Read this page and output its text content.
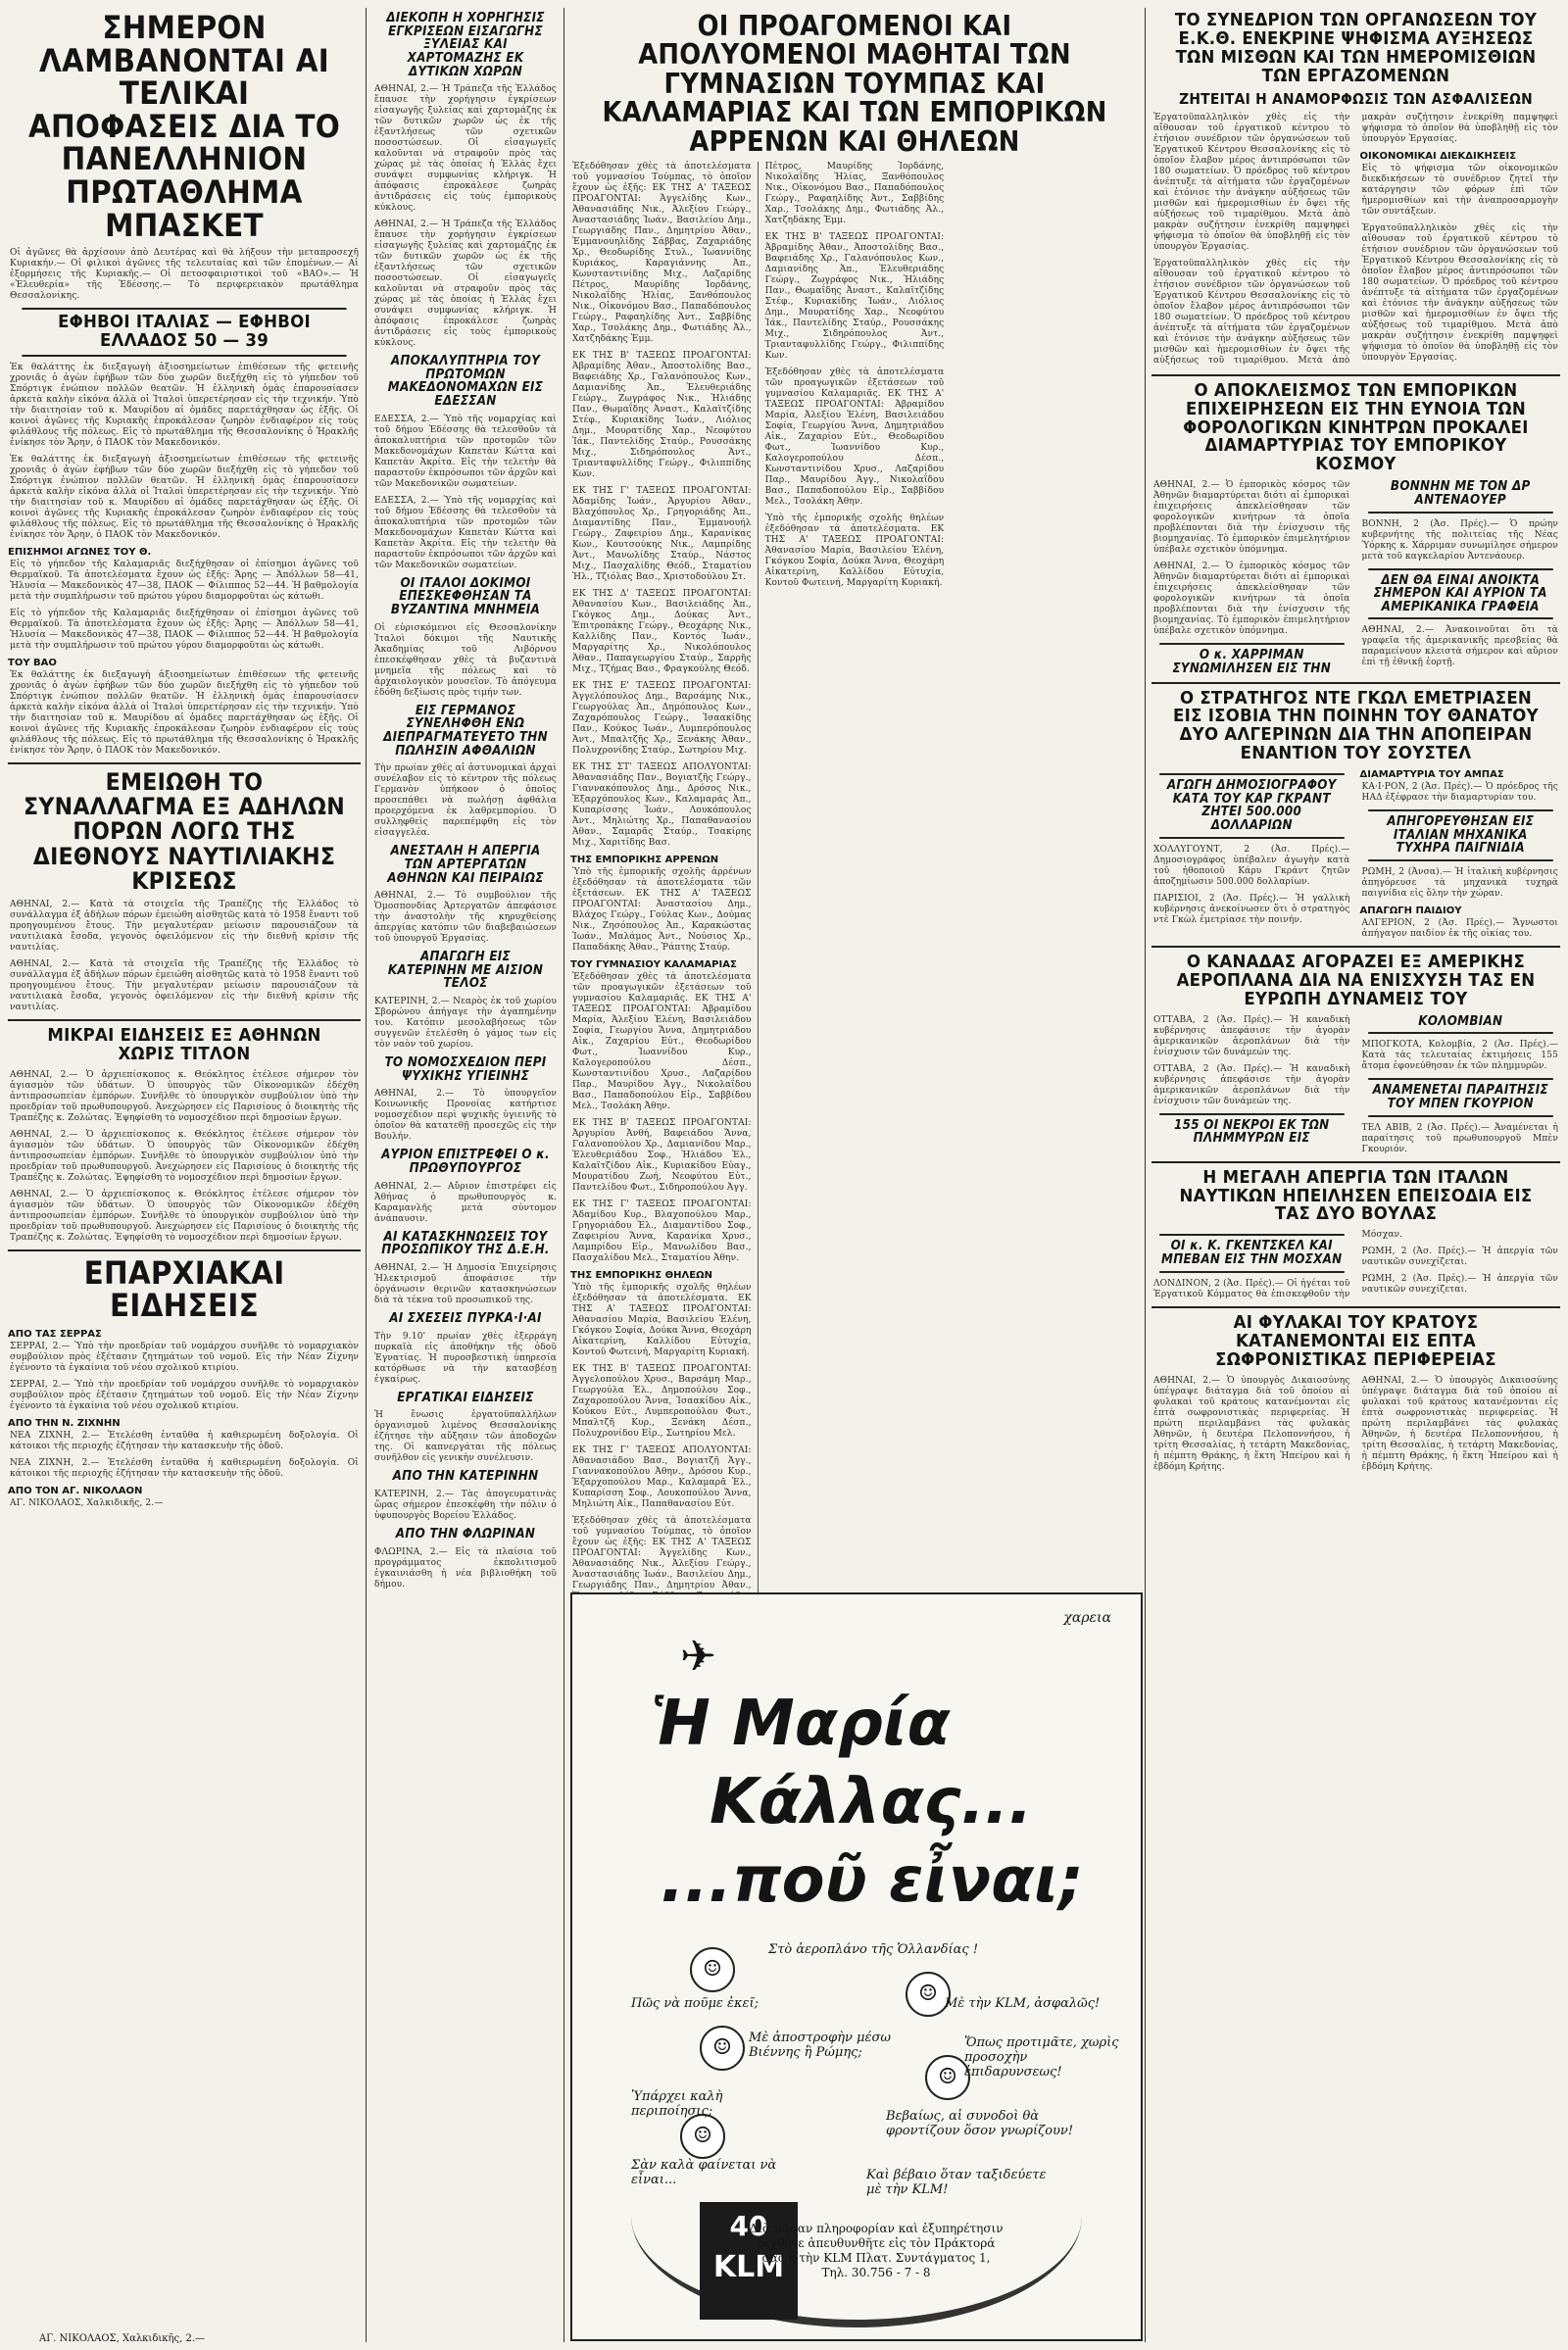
ΣΗΜΕΡΟΝ ΛΑΜΒΑΝΟΝΤΑΙ ΑΙ ΤΕΛΙΚΑΙ ΑΠΟΦΑΣΕΙΣ ΔΙΑ ΤΟ ΠΑΝΕΛΛΗΝΙΟΝ ΠΡΩΤΑΘΛΗΜΑ ΜΠΑΣΚΕΤ
Οἱ ἀγῶνες θὰ ἀρχίσουν ἀπὸ Δευτέρας καὶ θὰ λήξουν τὴν μεταπροσεχῆ Κυριακήν.— Οἱ φιλικοὶ ἀγῶνες τῆς τελευταίας καὶ τῶν ἑπομένων.— Αἱ ἐξορμήσεις τῆς Κυριακῆς.— Οἱ πετοσφαιριστικοὶ τοῦ «ΒΑΟ».— Ἡ «Ἐλευθερία» τῆς Ἐδέσσης.— Τὸ περιφερειακὸν πρωτάθλημα Θεσσαλονίκης.
ΕΦΗΒΟΙ ΙΤΑΛΙΑΣ — ΕΦΗΒΟΙ ΕΛΛΑΔΟΣ 50 — 39
Ἐκ θαλάττης ἐκ διεξαγωγὴ ἀξιοσημείωτων ἐπιθέσεων τῆς φετεινῆς χρονιᾶς ὁ ἀγὼν ἐφήβων τῶν δύο χωρῶν διεξήχθη εἰς τὸ γήπεδον τοῦ Σπόρτιγκ ἐνώπιον πολλῶν θεατῶν. Ἡ ἑλληνικὴ ὁμὰς ἐπαρουσίασεν ἀρκετὰ καλὴν εἰκόνα ἀλλὰ οἱ Ἰταλοὶ ὑπερετέρησαν εἰς τὴν τεχνικήν. Ὑπὸ τὴν διαιτησίαν τοῦ κ. Μαυρίδου αἱ ὁμάδες παρετάχθησαν ὡς ἑξῆς. Οἱ κοινοὶ ἀγῶνες τῆς Κυριακῆς ἐπροκάλεσαν ζωηρὸν ἐνδιαφέρον εἰς τοὺς φιλάθλους τῆς πόλεως. Εἰς τὸ πρωτάθλημα τῆς Θεσσαλονίκης ὁ Ἡρακλῆς ἐνίκησε τὸν Ἄρην, ὁ ΠΑΟΚ τὸν Μακεδονικόν.
Ἐκ θαλάττης ἐκ διεξαγωγὴ ἀξιοσημείωτων ἐπιθέσεων τῆς φετεινῆς χρονιᾶς ὁ ἀγὼν ἐφήβων τῶν δύο χωρῶν διεξήχθη εἰς τὸ γήπεδον τοῦ Σπόρτιγκ ἐνώπιον πολλῶν θεατῶν. Ἡ ἑλληνικὴ ὁμὰς ἐπαρουσίασεν ἀρκετὰ καλὴν εἰκόνα ἀλλὰ οἱ Ἰταλοὶ ὑπερετέρησαν εἰς τὴν τεχνικήν. Ὑπὸ τὴν διαιτησίαν τοῦ κ. Μαυρίδου αἱ ὁμάδες παρετάχθησαν ὡς ἑξῆς. Οἱ κοινοὶ ἀγῶνες τῆς Κυριακῆς ἐπροκάλεσαν ζωηρὸν ἐνδιαφέρον εἰς τοὺς φιλάθλους τῆς πόλεως. Εἰς τὸ πρωτάθλημα τῆς Θεσσαλονίκης ὁ Ἡρακλῆς ἐνίκησε τὸν Ἄρην, ὁ ΠΑΟΚ τὸν Μακεδονικόν.
ΕΠΙΣΗΜΟΙ ΑΓΩΝΕΣ ΤΟΥ Θ.
Εἰς τὸ γήπεδον τῆς Καλαμαριᾶς διεξήχθησαν οἱ ἐπίσημοι ἀγῶνες τοῦ Θερμαϊκοῦ. Τὰ ἀποτελέσματα ἔχουν ὡς ἑξῆς: Ἄρης — Ἀπόλλων 58—41, Ἠλυσία — Μακεδονικὸς 47—38, ΠΑΟΚ — Φίλιππος 52—44. Ἡ βαθμολογία μετὰ τὴν συμπλήρωσιν τοῦ πρώτου γύρου διαμορφοῦται ὡς κάτωθι.
Εἰς τὸ γήπεδον τῆς Καλαμαριᾶς διεξήχθησαν οἱ ἐπίσημοι ἀγῶνες τοῦ Θερμαϊκοῦ. Τὰ ἀποτελέσματα ἔχουν ὡς ἑξῆς: Ἄρης — Ἀπόλλων 58—41, Ἠλυσία — Μακεδονικὸς 47—38, ΠΑΟΚ — Φίλιππος 52—44. Ἡ βαθμολογία μετὰ τὴν συμπλήρωσιν τοῦ πρώτου γύρου διαμορφοῦται ὡς κάτωθι.
ΤΟΥ ΒΑΟ
Ἐκ θαλάττης ἐκ διεξαγωγὴ ἀξιοσημείωτων ἐπιθέσεων τῆς φετεινῆς χρονιᾶς ὁ ἀγὼν ἐφήβων τῶν δύο χωρῶν διεξήχθη εἰς τὸ γήπεδον τοῦ Σπόρτιγκ ἐνώπιον πολλῶν θεατῶν. Ἡ ἑλληνικὴ ὁμὰς ἐπαρουσίασεν ἀρκετὰ καλὴν εἰκόνα ἀλλὰ οἱ Ἰταλοὶ ὑπερετέρησαν εἰς τὴν τεχνικήν. Ὑπὸ τὴν διαιτησίαν τοῦ κ. Μαυρίδου αἱ ὁμάδες παρετάχθησαν ὡς ἑξῆς. Οἱ κοινοὶ ἀγῶνες τῆς Κυριακῆς ἐπροκάλεσαν ζωηρὸν ἐνδιαφέρον εἰς τοὺς φιλάθλους τῆς πόλεως. Εἰς τὸ πρωτάθλημα τῆς Θεσσαλονίκης ὁ Ἡρακλῆς ἐνίκησε τὸν Ἄρην, ὁ ΠΑΟΚ τὸν Μακεδονικόν.
ΕΜΕΙΩΘΗ ΤΟ ΣΥΝΑΛΛΑΓΜΑ ΕΞ ΑΔΗΛΩΝ ΠΟΡΩΝ ΛΟΓΩ ΤΗΣ ΔΙΕΘΝΟΥΣ ΝΑΥΤΙΛΙΑΚΗΣ ΚΡΙΣΕΩΣ
ΑΘΗΝΑΙ, 2.— Κατὰ τὰ στοιχεῖα τῆς Τραπέζης τῆς Ἑλλάδος τὸ συνάλλαγμα ἐξ ἀδήλων πόρων ἐμειώθη αἰσθητῶς κατὰ τὸ 1958 ἔναντι τοῦ προηγουμένου ἔτους. Τὴν μεγαλυτέραν μείωσιν παρουσιάζουν τὰ ναυτιλιακὰ ἔσοδα, γεγονὸς ὀφειλόμενον εἰς τὴν διεθνῆ κρίσιν τῆς ναυτιλίας.
ΑΘΗΝΑΙ, 2.— Κατὰ τὰ στοιχεῖα τῆς Τραπέζης τῆς Ἑλλάδος τὸ συνάλλαγμα ἐξ ἀδήλων πόρων ἐμειώθη αἰσθητῶς κατὰ τὸ 1958 ἔναντι τοῦ προηγουμένου ἔτους. Τὴν μεγαλυτέραν μείωσιν παρουσιάζουν τὰ ναυτιλιακὰ ἔσοδα, γεγονὸς ὀφειλόμενον εἰς τὴν διεθνῆ κρίσιν τῆς ναυτιλίας.
ΜΙΚΡΑΙ ΕΙΔΗΣΕΙΣ ΕΞ ΑΘΗΝΩΝ ΧΩΡΙΣ ΤΙΤΛΟΝ
ΑΘΗΝΑΙ, 2.— Ὁ ἀρχιεπίσκοπος κ. Θεόκλητος ἐτέλεσε σήμερον τὸν ἁγιασμὸν τῶν ὑδάτων. Ὁ ὑπουργὸς τῶν Οἰκονομικῶν ἐδέχθη ἀντιπροσωπείαν ἐμπόρων. Συνῆλθε τὸ ὑπουργικὸν συμβούλιον ὑπὸ τὴν προεδρίαν τοῦ πρωθυπουργοῦ. Ἀνεχώρησεν εἰς Παρισίους ὁ διοικητὴς τῆς Τραπέζης κ. Ζολώτας. Ἐψηφίσθη τὸ νομοσχέδιον περὶ δημοσίων ἔργων.
ΑΘΗΝΑΙ, 2.— Ὁ ἀρχιεπίσκοπος κ. Θεόκλητος ἐτέλεσε σήμερον τὸν ἁγιασμὸν τῶν ὑδάτων. Ὁ ὑπουργὸς τῶν Οἰκονομικῶν ἐδέχθη ἀντιπροσωπείαν ἐμπόρων. Συνῆλθε τὸ ὑπουργικὸν συμβούλιον ὑπὸ τὴν προεδρίαν τοῦ πρωθυπουργοῦ. Ἀνεχώρησεν εἰς Παρισίους ὁ διοικητὴς τῆς Τραπέζης κ. Ζολώτας. Ἐψηφίσθη τὸ νομοσχέδιον περὶ δημοσίων ἔργων.
ΑΘΗΝΑΙ, 2.— Ὁ ἀρχιεπίσκοπος κ. Θεόκλητος ἐτέλεσε σήμερον τὸν ἁγιασμὸν τῶν ὑδάτων. Ὁ ὑπουργὸς τῶν Οἰκονομικῶν ἐδέχθη ἀντιπροσωπείαν ἐμπόρων. Συνῆλθε τὸ ὑπουργικὸν συμβούλιον ὑπὸ τὴν προεδρίαν τοῦ πρωθυπουργοῦ. Ἀνεχώρησεν εἰς Παρισίους ὁ διοικητὴς τῆς Τραπέζης κ. Ζολώτας. Ἐψηφίσθη τὸ νομοσχέδιον περὶ δημοσίων ἔργων.
ΕΠΑΡΧΙΑΚΑΙ ΕΙΔΗΣΕΙΣ
ΑΠΟ ΤΑΣ ΣΕΡΡΑΣ
ΣΕΡΡΑΙ, 2.— Ὑπὸ τὴν προεδρίαν τοῦ νομάρχου συνῆλθε τὸ νομαρχιακὸν συμβούλιον πρὸς ἐξέτασιν ζητημάτων τοῦ νομοῦ. Εἰς τὴν Νέαν Ζίχνην ἐγένοντο τὰ ἐγκαίνια τοῦ νέου σχολικοῦ κτιρίου.
ΣΕΡΡΑΙ, 2.— Ὑπὸ τὴν προεδρίαν τοῦ νομάρχου συνῆλθε τὸ νομαρχιακὸν συμβούλιον πρὸς ἐξέτασιν ζητημάτων τοῦ νομοῦ. Εἰς τὴν Νέαν Ζίχνην ἐγένοντο τὰ ἐγκαίνια τοῦ νέου σχολικοῦ κτιρίου.
ΑΠΟ ΤΗΝ Ν. ΖΙΧΝΗΝ
ΝΕΑ ΖΙΧΝΗ, 2.— Ἐτελέσθη ἐνταῦθα ἡ καθιερωμένη δοξολογία. Οἱ κάτοικοι τῆς περιοχῆς ἐζήτησαν τὴν κατασκευὴν τῆς ὁδοῦ.
ΝΕΑ ΖΙΧΝΗ, 2.— Ἐτελέσθη ἐνταῦθα ἡ καθιερωμένη δοξολογία. Οἱ κάτοικοι τῆς περιοχῆς ἐζήτησαν τὴν κατασκευὴν τῆς ὁδοῦ.
ΑΠΟ ΤΟΝ ΑΓ. ΝΙΚΟΛΑΟΝ
ΑΓ. ΝΙΚΟΛΑΟΣ, Χαλκιδικῆς, 2.—
ΔΙΕΚΟΠΗ Η ΧΟΡΗΓΗΣΙΣ ΕΓΚΡΙΣΕΩΝ ΕΙΣΑΓΩΓΗΣ ΞΥΛΕΙΑΣ ΚΑΙ ΧΑΡΤΟΜΑΖΗΣ ΕΚ ΔΥΤΙΚΩΝ ΧΩΡΩΝ
ΑΘΗΝΑΙ, 2.— Ἡ Τράπεζα τῆς Ἑλλάδος ἔπαυσε τὴν χορήγησιν ἐγκρίσεων εἰσαγωγῆς ξυλείας καὶ χαρτομάζης ἐκ τῶν δυτικῶν χωρῶν ὡς ἐκ τῆς ἐξαντλήσεως τῶν σχετικῶν ποσοστώσεων. Οἱ εἰσαγωγεῖς καλοῦνται νὰ στραφοῦν πρὸς τὰς χώρας μὲ τὰς ὁποίας ἡ Ἑλλὰς ἔχει συνάψει συμφωνίας κλήριγκ. Ἡ ἀπόφασις ἐπροκάλεσε ζωηρὰς ἀντιδράσεις εἰς τοὺς ἐμπορικοὺς κύκλους.
ΑΘΗΝΑΙ, 2.— Ἡ Τράπεζα τῆς Ἑλλάδος ἔπαυσε τὴν χορήγησιν ἐγκρίσεων εἰσαγωγῆς ξυλείας καὶ χαρτομάζης ἐκ τῶν δυτικῶν χωρῶν ὡς ἐκ τῆς ἐξαντλήσεως τῶν σχετικῶν ποσοστώσεων. Οἱ εἰσαγωγεῖς καλοῦνται νὰ στραφοῦν πρὸς τὰς χώρας μὲ τὰς ὁποίας ἡ Ἑλλὰς ἔχει συνάψει συμφωνίας κλήριγκ. Ἡ ἀπόφασις ἐπροκάλεσε ζωηρὰς ἀντιδράσεις εἰς τοὺς ἐμπορικοὺς κύκλους.
ΑΠΟΚΑΛΥΠΤΗΡΙΑ ΤΟΥ ΠΡΩΤΟΜΩΝ ΜΑΚΕΔΟΝΟΜΑΧΩΝ ΕΙΣ ΕΔΕΣΣΑΝ
ΕΔΕΣΣΑ, 2.— Ὑπὸ τῆς νομαρχίας καὶ τοῦ δήμου Ἐδέσσης θὰ τελεσθοῦν τὰ ἀποκαλυπτήρια τῶν προτομῶν τῶν Μακεδονομάχων Καπετὰν Κώττα καὶ Καπετὰν Ἀκρίτα. Εἰς τὴν τελετὴν θὰ παραστοῦν ἐκπρόσωποι τῶν ἀρχῶν καὶ τῶν Μακεδονικῶν σωματείων.
ΕΔΕΣΣΑ, 2.— Ὑπὸ τῆς νομαρχίας καὶ τοῦ δήμου Ἐδέσσης θὰ τελεσθοῦν τὰ ἀποκαλυπτήρια τῶν προτομῶν τῶν Μακεδονομάχων Καπετὰν Κώττα καὶ Καπετὰν Ἀκρίτα. Εἰς τὴν τελετὴν θὰ παραστοῦν ἐκπρόσωποι τῶν ἀρχῶν καὶ τῶν Μακεδονικῶν σωματείων.
ΟΙ ΙΤΑΛΟΙ ΔΟΚΙΜΟΙ ΕΠΕΣΚΕΦΘΗΣΑΝ ΤΑ ΒΥΖΑΝΤΙΝΑ ΜΝΗΜΕΙΑ
Οἱ εὑρισκόμενοι εἰς Θεσσαλονίκην Ἰταλοὶ δόκιμοι τῆς Ναυτικῆς Ἀκαδημίας τοῦ Λιβόρνου ἐπεσκέφθησαν χθὲς τὰ βυζαντινὰ μνημεῖα τῆς πόλεως καὶ τὸ ἀρχαιολογικὸν μουσεῖον. Τὸ ἀπόγευμα ἐδόθη δεξίωσις πρὸς τιμήν των.
ΕΙΣ ΓΕΡΜΑΝΟΣ ΣΥΝΕΛΗΦΘΗ ΕΝΩ ΔΙΕΠΡΑΓΜΑΤΕΥΕΤΟ ΤΗΝ ΠΩΛΗΣΙΝ ΑΦΘΑΛΙΩΝ
Τὴν πρωίαν χθὲς αἱ ἀστυνομικαὶ ἀρχαὶ συνέλαβον εἰς τὸ κέντρον τῆς πόλεως Γερμανὸν ὑπήκοον ὁ ὁποῖος προσεπάθει νὰ πωλήσῃ ἀφθάλια προερχόμενα ἐκ λαθρεμπορίου. Ὁ συλληφθεὶς παρεπέμφθη εἰς τὸν εἰσαγγελέα.
ΑΝΕΣΤΑΛΗ Η ΑΠΕΡΓΙΑ ΤΩΝ ΑΡΤΕΡΓΑΤΩΝ ΑΘΗΝΩΝ ΚΑΙ ΠΕΙΡΑΙΩΣ
ΑΘΗΝΑΙ, 2.— Τὸ συμβούλιον τῆς Ὁμοσπονδίας Ἀρτεργατῶν ἀπεφάσισε τὴν ἀναστολὴν τῆς κηρυχθείσης ἀπεργίας κατόπιν τῶν διαβεβαιώσεων τοῦ ὑπουργοῦ Ἐργασίας.
ΑΠΑΓΩΓΗ ΕΙΣ ΚΑΤΕΡΙΝΗΝ ΜΕ ΑΙΣΙΟΝ ΤΕΛΟΣ
ΚΑΤΕΡΙΝΗ, 2.— Νεαρὸς ἐκ τοῦ χωρίου Σβορώνου ἀπήγαγε τὴν ἀγαπημένην του. Κατόπιν μεσολαβήσεως τῶν συγγενῶν ἐτελέσθη ὁ γάμος των εἰς τὸν ναὸν τοῦ χωρίου.
ΤΟ ΝΟΜΟΣΧΕΔΙΟΝ ΠΕΡΙ ΨΥΧΙΚΗΣ ΥΓΙΕΙΝΗΣ
ΑΘΗΝΑΙ, 2.— Τὸ ὑπουργεῖον Κοινωνικῆς Προνοίας κατήρτισε νομοσχέδιον περὶ ψυχικῆς ὑγιεινῆς τὸ ὁποῖον θὰ κατατεθῇ προσεχῶς εἰς τὴν Βουλήν.
ΑΥΡΙΟΝ ΕΠΙΣΤΡΕΦΕΙ Ο κ. ΠΡΩΘΥΠΟΥΡΓΟΣ
ΑΘΗΝΑΙ, 2.— Αὔριον ἐπιστρέφει εἰς Ἀθήνας ὁ πρωθυπουργὸς κ. Καραμανλῆς μετὰ σύντομον ἀνάπαυσιν.
ΑΙ ΚΑΤΑΣΚΗΝΩΣΕΙΣ ΤΟΥ ΠΡΟΣΩΠΙΚΟΥ ΤΗΣ Δ.Ε.Η.
ΑΘΗΝΑΙ, 2.— Ἡ Δημοσία Ἐπιχείρησις Ἠλεκτρισμοῦ ἀποφάσισε τὴν ὀργάνωσιν θερινῶν κατασκηνώσεων διὰ τὰ τέκνα τοῦ προσωπικοῦ της.
ΑΙ ΣΧΕΣΕΙΣ ΠΥΡΚΑ·Ι·ΑΙ
Τὴν 9.10' πρωίαν χθὲς ἐξερράγη πυρκαϊὰ εἰς ἀποθήκην τῆς ὁδοῦ Ἐγνατίας. Ἡ πυροσβεστικὴ ὑπηρεσία κατόρθωσε νὰ τὴν κατασβέσῃ ἐγκαίρως.
ΕΡΓΑΤΙΚΑΙ ΕΙΔΗΣΕΙΣ
Ἡ ἔνωσις ἐργατοϋπαλλήλων ὀργανισμοῦ λιμένος Θεσσαλονίκης ἐζήτησε τὴν αὔξησιν τῶν ἀποδοχῶν της. Οἱ καπνεργάται τῆς πόλεως συνῆλθον εἰς γενικὴν συνέλευσιν.
ΑΠΟ ΤΗΝ ΚΑΤΕΡΙΝΗΝ
ΚΑΤΕΡΙΝΗ, 2.— Τὰς ἀπογευματινὰς ὥρας σήμερον ἐπεσκέφθη τὴν πόλιν ὁ ὑφυπουργὸς Βορείου Ἑλλάδος.
ΑΠΟ ΤΗΝ ΦΛΩΡΙΝΑΝ
ΦΛΩΡΙΝΑ, 2.— Εἰς τὰ πλαίσια τοῦ προγράμματος ἐκπολιτισμοῦ ἐγκαινιάσθη ἡ νέα βιβλιοθήκη τοῦ δήμου.
ΟΙ ΠΡΟΑΓΟΜΕΝΟΙ ΚΑΙ ΑΠΟΛΥΟΜΕΝΟΙ ΜΑΘΗΤΑΙ ΤΩΝ ΓΥΜΝΑΣΙΩΝ ΤΟΥΜΠΑΣ ΚΑΙ ΚΑΛΑΜΑΡΙΑΣ ΚΑΙ ΤΩΝ ΕΜΠΟΡΙΚΩΝ ΑΡΡΕΝΩΝ ΚΑΙ ΘΗΛΕΩΝ
Ἐξεδόθησαν χθὲς τὰ ἀποτελέσματα τοῦ γυμνασίου Τούμπας, τὸ ὁποῖον ἔχουν ὡς ἑξῆς: ΕΚ ΤΗΣ Α' ΤΑΞΕΩΣ ΠΡΟΑΓΟΝΤΑΙ: Ἀγγελίδης Κων., Ἀθανασιάδης Νικ., Ἀλεξίου Γεώργ., Ἀναστασιάδης Ἰωάν., Βασιλείου Δημ., Γεωργιάδης Παν., Δημητρίου Ἀθαν., Ἐμμανουηλίδης Σάββας, Ζαχαριάδης Χρ., Θεοδωρίδης Στυλ., Ἰωαννίδης Κυριάκος, Καραγιάννης Ἀπ., Κωνσταντινίδης Μιχ., Λαζαρίδης Πέτρος, Μαυρίδης Ἰορδάνης, Νικολαΐδης Ἠλίας, Ξανθόπουλος Νικ., Οἰκονόμου Βασ., Παπαδόπουλος Γεώργ., Ραφαηλίδης Ἀντ., Σαββίδης Χαρ., Τσολάκης Δημ., Φωτιάδης Ἀλ., Χατζηδάκης Ἐμμ.
ΕΚ ΤΗΣ Β' ΤΑΞΕΩΣ ΠΡΟΑΓΟΝΤΑΙ: Ἀβραμίδης Ἀθαν., Ἀποστολίδης Βασ., Βαφειάδης Χρ., Γαλανόπουλος Κων., Δαμιανίδης Ἀπ., Ἐλευθεριάδης Γεώργ., Ζωγράφος Νικ., Ἠλιάδης Παν., Θωμαΐδης Ἀναστ., Καλαϊτζίδης Στέφ., Κυριακίδης Ἰωάν., Λιόλιος Δημ., Μουρατίδης Χαρ., Νεοφύτου Ἰάκ., Παντελίδης Σταύρ., Ρουσσάκης Μιχ., Σιδηρόπουλος Ἀντ., Τριανταφυλλίδης Γεώργ., Φιλιππίδης Κων.
ΕΚ ΤΗΣ Γ' ΤΑΞΕΩΣ ΠΡΟΑΓΟΝΤΑΙ: Ἀδαμίδης Ἰωάν., Ἀργυρίου Ἀθαν., Βλαχόπουλος Χρ., Γρηγοριάδης Ἀπ., Διαμαντίδης Παν., Ἐμμανουήλ Γεώργ., Ζαφειρίου Δημ., Καρανίκας Κων., Κουτσούκης Νικ., Λαμπρίδης Ἀντ., Μανωλίδης Σταύρ., Νάστος Μιχ., Πασχαλίδης Θεόδ., Σταματίου Ἠλ., Τζιόλας Βασ., Χριστοδούλου Στ.
ΕΚ ΤΗΣ Δ' ΤΑΞΕΩΣ ΠΡΟΑΓΟΝΤΑΙ: Ἀθανασίου Κων., Βασιλειάδης Ἀπ., Γκόγκος Δημ., Δούκας Ἀντ., Ἐπιτροπάκης Γεώργ., Θεοχάρης Νικ., Καλλίδης Παν., Κοντός Ἰωάν., Μαργαρίτης Χρ., Νικολόπουλος Ἀθαν., Παπαγεωργίου Σταύρ., Σαρρῆς Μιχ., Τζήμας Βασ., Φραγκούλης Θεόδ.
ΕΚ ΤΗΣ Ε' ΤΑΞΕΩΣ ΠΡΟΑΓΟΝΤΑΙ: Ἀγγελόπουλος Δημ., Βαρσάμης Νικ., Γεωργούλας Ἀπ., Δημόπουλος Κων., Ζαχαρόπουλος Γεώργ., Ἰσαακίδης Παν., Κούκος Ἰωάν., Λυμπερόπουλος Ἀντ., Μπαλτζῆς Χρ., Ξενάκης Ἀθαν., Πολυχρονίδης Σταύρ., Σωτηρίου Μιχ.
ΕΚ ΤΗΣ ΣΤ' ΤΑΞΕΩΣ ΑΠΟΛΥΟΝΤΑΙ: Ἀθανασιάδης Παν., Βογιατζῆς Γεώργ., Γιαννακόπουλος Δημ., Δρόσος Νικ., Ἐξαρχόπουλος Κων., Καλαμαράς Ἀπ., Κυπαρίσσης Ἰωάν., Λουκόπουλος Ἀντ., Μηλιώτης Χρ., Παπαθανασίου Ἀθαν., Σαμαρᾶς Σταύρ., Τσακίρης Μιχ., Χαριτίδης Βασ.
ΤΗΣ ΕΜΠΟΡΙΚΗΣ ΑΡΡΕΝΩΝ
Ὑπὸ τῆς ἐμπορικῆς σχολῆς ἀρρένων ἐξεδόθησαν τὰ ἀποτελέσματα τῶν ἐξετάσεων. ΕΚ ΤΗΣ Α' ΤΑΞΕΩΣ ΠΡΟΑΓΟΝΤΑΙ: Ἀναστασίου Δημ., Βλάχος Γεώργ., Γούλας Κων., Δούμας Νικ., Ζησόπουλος Ἀπ., Καρακώστας Ἰωάν., Μαλάμος Ἀντ., Νούσιος Χρ., Παπαδάκης Ἀθαν., Ῥάπτης Σταύρ.
ΤΟΥ ΓΥΜΝΑΣΙΟΥ ΚΑΛΑΜΑΡΙΑΣ
Ἐξεδόθησαν χθὲς τὰ ἀποτελέσματα τῶν προαγωγικῶν ἐξετάσεων τοῦ γυμνασίου Καλαμαριᾶς. ΕΚ ΤΗΣ Α' ΤΑΞΕΩΣ ΠΡΟΑΓΟΝΤΑΙ: Ἀβραμίδου Μαρία, Ἀλεξίου Ἑλένη, Βασιλειάδου Σοφία, Γεωργίου Ἄννα, Δημητριάδου Αἰκ., Ζαχαρίου Εὐτ., Θεοδωρίδου Φωτ., Ἰωαννίδου Κυρ., Καλογεροπούλου Δέσπ., Κωνσταντινίδου Χρυσ., Λαζαρίδου Παρ., Μαυρίδου Ἀγγ., Νικολαΐδου Βασ., Παπαδοπούλου Εἰρ., Σαββίδου Μελ., Τσολάκη Ἀθην.
ΕΚ ΤΗΣ Β' ΤΑΞΕΩΣ ΠΡΟΑΓΟΝΤΑΙ: Ἀργυρίου Ἀνθή, Βαφειάδου Ἄννα, Γαλανοπούλου Χρ., Δαμιανίδου Μαρ., Ἐλευθεριάδου Σοφ., Ἠλιάδου Ἑλ., Καλαϊτζίδου Αἰκ., Κυριακίδου Εὐαγ., Μουρατίδου Ζωή, Νεοφύτου Εὐτ., Παντελίδου Φωτ., Σιδηροπούλου Ἀγγ.
ΕΚ ΤΗΣ Γ' ΤΑΞΕΩΣ ΠΡΟΑΓΟΝΤΑΙ: Ἀδαμίδου Κυρ., Βλαχοπούλου Μαρ., Γρηγοριάδου Ἑλ., Διαμαντίδου Σοφ., Ζαφειρίου Ἄννα, Καρανίκα Χρυσ., Λαμπρίδου Εἰρ., Μανωλίδου Βασ., Πασχαλίδου Μελ., Σταματίου Ἀθην.
ΤΗΣ ΕΜΠΟΡΙΚΗΣ ΘΗΛΕΩΝ
Ὑπὸ τῆς ἐμπορικῆς σχολῆς θηλέων ἐξεδόθησαν τὰ ἀποτελέσματα. ΕΚ ΤΗΣ Α' ΤΑΞΕΩΣ ΠΡΟΑΓΟΝΤΑΙ: Ἀθανασίου Μαρία, Βασιλείου Ἑλένη, Γκόγκου Σοφία, Δούκα Ἄννα, Θεοχάρη Αἰκατερίνη, Καλλίδου Εὐτυχία, Κοντοῦ Φωτεινή, Μαργαρίτη Κυριακή.
ΕΚ ΤΗΣ Β' ΤΑΞΕΩΣ ΠΡΟΑΓΟΝΤΑΙ: Ἀγγελοπούλου Χρυσ., Βαρσάμη Μαρ., Γεωργούλα Ἑλ., Δημοπούλου Σοφ., Ζαχαροπούλου Ἄννα, Ἰσαακίδου Αἰκ., Κούκου Εὐτ., Λυμπεροπούλου Φωτ., Μπαλτζῆ Κυρ., Ξενάκη Δέσπ., Πολυχρονίδου Εἰρ., Σωτηρίου Μελ.
ΕΚ ΤΗΣ Γ' ΤΑΞΕΩΣ ΑΠΟΛΥΟΝΤΑΙ: Ἀθανασιάδου Βασ., Βογιατζῆ Ἀγγ., Γιαννακοπούλου Ἀθην., Δρόσου Κυρ., Ἐξαρχοπούλου Μαρ., Καλαμαρᾶ Ἑλ., Κυπαρίσση Σοφ., Λουκοπούλου Ἄννα, Μηλιώτη Αἰκ., Παπαθανασίου Εὐτ.
Ἐξεδόθησαν χθὲς τὰ ἀποτελέσματα τοῦ γυμνασίου Τούμπας, τὸ ὁποῖον ἔχουν ὡς ἑξῆς: ΕΚ ΤΗΣ Α' ΤΑΞΕΩΣ ΠΡΟΑΓΟΝΤΑΙ: Ἀγγελίδης Κων., Ἀθανασιάδης Νικ., Ἀλεξίου Γεώργ., Ἀναστασιάδης Ἰωάν., Βασιλείου Δημ., Γεωργιάδης Παν., Δημητρίου Ἀθαν., Πέτρος, Μαυρίδης Ἰορδάνης, Νικολαΐδης Ἠλίας, Ξανθόπουλος Νικ., Οἰκονόμου Βασ., Παπαδόπουλος Γεώργ., Ραφαηλίδης Ἀντ., Σαββίδης Χαρ., Τσολάκης Δημ., Φωτιάδης Ἀλ., Χατζηδάκης Ἐμμ.
ΕΚ ΤΗΣ Β' ΤΑΞΕΩΣ ΠΡΟΑΓΟΝΤΑΙ: Ἀβραμίδης Ἀθαν., Ἀποστολίδης Βασ., Βαφειάδης Χρ., Γαλανόπουλος Κων., Δαμιανίδης Ἀπ., Ἐλευθεριάδης Γεώργ., Ζωγράφος Νικ., Ἠλιάδης Παν., Θωμαΐδης Ἀναστ., Καλαϊτζίδης Στέφ., Κυριακίδης Ἰωάν., Λιόλιος Δημ., Μουρατίδης Χαρ., Νεοφύτου Ἰάκ., Παντελίδης Σταύρ., Ρουσσάκης Μιχ., Σιδηρόπουλος Ἀντ., Τριανταφυλλίδης Γεώργ., Φιλιππίδης Κων.
Ἐξεδόθησαν χθὲς τὰ ἀποτελέσματα τῶν προαγωγικῶν ἐξετάσεων τοῦ γυμνασίου Καλαμαριᾶς. ΕΚ ΤΗΣ Α' ΤΑΞΕΩΣ ΠΡΟΑΓΟΝΤΑΙ: Ἀβραμίδου Μαρία, Ἀλεξίου Ἑλένη, Βασιλειάδου Σοφία, Γεωργίου Ἄννα, Δημητριάδου Αἰκ., Ζαχαρίου Εὐτ., Θεοδωρίδου Φωτ., Ἰωαννίδου Κυρ., Καλογεροπούλου Δέσπ., Κωνσταντινίδου Χρυσ., Λαζαρίδου Παρ., Μαυρίδου Ἀγγ., Νικολαΐδου Βασ., Παπαδοπούλου Εἰρ., Σαββίδου Μελ., Τσολάκη Ἀθην.
Ὑπὸ τῆς ἐμπορικῆς σχολῆς θηλέων ἐξεδόθησαν τὰ ἀποτελέσματα. ΕΚ ΤΗΣ Α' ΤΑΞΕΩΣ ΠΡΟΑΓΟΝΤΑΙ: Ἀθανασίου Μαρία, Βασιλείου Ἑλένη, Γκόγκου Σοφία, Δούκα Ἄννα, Θεοχάρη Αἰκατερίνη, Καλλίδου Εὐτυχία, Κοντοῦ Φωτεινή, Μαργαρίτη Κυριακή.
χαρεια
✈
Ἡ Μαρία
Κάλλας...
...ποῦ εἶναι;
Στὸ ἀεροπλάνο τῆς Ὁλλανδίας !
☺
☺
☺
☺
☺
Πῶς νὰ ποῦμε ἐκεῖ;	Μὲ τὴν KLM, ἀσφαλῶς!
Μὲ ἀποστροφὴν μέσω Βιέννης ἢ Ρώμης;
Ὅπως προτιμᾶτε, χωρὶς προσοχὴν ἐπιδαρυνσεως!
Ὑπάρχει καλὴ περιποίησις;	Βεβαίως, αἱ συνοδοὶ θὰ φροντίζουν ὅσον γνωρίζουν!
Σὰν καλὰ φαίνεται νὰ εἶναι...	Καὶ βέβαιο ὅταν ταξιδεύετε μὲ τὴν KLM!
40
KLM
Διὰ πᾶσαν πληροφορίαν καὶ ἐξυπηρέτησιν δεχθῆτε ἀπευθυνθῆτε εἰς τὸν Πράκτορά σας ἢ τὴν KLM Πλατ. Συντάγματος 1, Τηλ. 30.756 - 7 - 8
ΤΟ ΣΥΝΕΔΡΙΟΝ ΤΩΝ ΟΡΓΑΝΩΣΕΩΝ ΤΟΥ Ε.Κ.Θ. ΕΝΕΚΡΙΝΕ ΨΗΦΙΣΜΑ ΑΥΞΗΣΕΩΣ ΤΩΝ ΜΙΣΘΩΝ ΚΑΙ ΤΩΝ ΗΜΕΡΟΜΙΣΘΙΩΝ ΤΩΝ ΕΡΓΑΖΟΜΕΝΩΝ
ΖΗΤΕΙΤΑΙ Η ΑΝΑΜΟΡΦΩΣΙΣ ΤΩΝ ΑΣΦΑΛΙΣΕΩΝ
Ἐργατοϋπαλληλικὸν χθὲς εἰς τὴν αἴθουσαν τοῦ ἐργατικοῦ κέντρου τὸ ἐτήσιον συνέδριον τῶν ὀργανώσεων τοῦ Ἐργατικοῦ Κέντρου Θεσσαλονίκης εἰς τὸ ὁποῖον ἔλαβον μέρος ἀντιπρόσωποι τῶν 180 σωματείων. Ὁ πρόεδρος τοῦ κέντρου ἀνέπτυξε τὰ αἰτήματα τῶν ἐργαζομένων καὶ ἐτόνισε τὴν ἀνάγκην αὐξήσεως τῶν μισθῶν καὶ ἡμερομισθίων ἐν ὄψει τῆς αὐξήσεως τοῦ τιμαρίθμου. Μετὰ ἀπὸ μακρὰν συζήτησιν ἐνεκρίθη παμψηφεὶ ψήφισμα τὸ ὁποῖον θὰ ὑποβληθῇ εἰς τὸν ὑπουργὸν Ἐργασίας.
Ἐργατοϋπαλληλικὸν χθὲς εἰς τὴν αἴθουσαν τοῦ ἐργατικοῦ κέντρου τὸ ἐτήσιον συνέδριον τῶν ὀργανώσεων τοῦ Ἐργατικοῦ Κέντρου Θεσσαλονίκης εἰς τὸ ὁποῖον ἔλαβον μέρος ἀντιπρόσωποι τῶν 180 σωματείων. Ὁ πρόεδρος τοῦ κέντρου ἀνέπτυξε τὰ αἰτήματα τῶν ἐργαζομένων καὶ ἐτόνισε τὴν ἀνάγκην αὐξήσεως τῶν μισθῶν καὶ ἡμερομισθίων ἐν ὄψει τῆς αὐξήσεως τοῦ τιμαρίθμου. Μετὰ ἀπὸ μακρὰν συζήτησιν ἐνεκρίθη παμψηφεὶ ψήφισμα τὸ ὁποῖον θὰ ὑποβληθῇ εἰς τὸν ὑπουργὸν Ἐργασίας.
ΟΙΚΟΝΟΜΙΚΑΙ ΔΙΕΚΔΙΚΗΣΕΙΣ
Εἰς τὸ ψήφισμα τῶν οἰκονομικῶν διεκδικήσεων τὸ συνέδριον ζητεῖ τὴν κατάργησιν τῶν φόρων ἐπὶ τῶν ἡμερομισθίων καὶ τὴν ἀναπροσαρμογὴν τῶν συντάξεων.
Ἐργατοϋπαλληλικὸν χθὲς εἰς τὴν αἴθουσαν τοῦ ἐργατικοῦ κέντρου τὸ ἐτήσιον συνέδριον τῶν ὀργανώσεων τοῦ Ἐργατικοῦ Κέντρου Θεσσαλονίκης εἰς τὸ ὁποῖον ἔλαβον μέρος ἀντιπρόσωποι τῶν 180 σωματείων. Ὁ πρόεδρος τοῦ κέντρου ἀνέπτυξε τὰ αἰτήματα τῶν ἐργαζομένων καὶ ἐτόνισε τὴν ἀνάγκην αὐξήσεως τῶν μισθῶν καὶ ἡμερομισθίων ἐν ὄψει τῆς αὐξήσεως τοῦ τιμαρίθμου. Μετὰ ἀπὸ μακρὰν συζήτησιν ἐνεκρίθη παμψηφεὶ ψήφισμα τὸ ὁποῖον θὰ ὑποβληθῇ εἰς τὸν ὑπουργὸν Ἐργασίας.
Ο ΑΠΟΚΛΕΙΣΜΟΣ ΤΩΝ ΕΜΠΟΡΙΚΩΝ ΕΠΙΧΕΙΡΗΣΕΩΝ ΕΙΣ ΤΗΝ ΕΥΝΟΙΑ ΤΩΝ ΦΟΡΟΛΟΓΙΚΩΝ ΚΙΝΗΤΡΩΝ ΠΡΟΚΑΛΕΙ ΔΙΑΜΑΡΤΥΡΙΑΣ ΤΟΥ ΕΜΠΟΡΙΚΟΥ ΚΟΣΜΟΥ
ΑΘΗΝΑΙ, 2.— Ὁ ἐμπορικὸς κόσμος τῶν Ἀθηνῶν διαμαρτύρεται διότι αἱ ἐμπορικαὶ ἐπιχειρήσεις ἀπεκλείσθησαν τῶν φορολογικῶν κινήτρων τὰ ὁποῖα προβλέπονται διὰ τὴν ἐνίσχυσιν τῆς βιομηχανίας. Τὸ ἐμπορικὸν ἐπιμελητήριον ὑπέβαλε σχετικὸν ὑπόμνημα.
ΑΘΗΝΑΙ, 2.— Ὁ ἐμπορικὸς κόσμος τῶν Ἀθηνῶν διαμαρτύρεται διότι αἱ ἐμπορικαὶ ἐπιχειρήσεις ἀπεκλείσθησαν τῶν φορολογικῶν κινήτρων τὰ ὁποῖα προβλέπονται διὰ τὴν ἐνίσχυσιν τῆς βιομηχανίας. Τὸ ἐμπορικὸν ἐπιμελητήριον ὑπέβαλε σχετικὸν ὑπόμνημα.
Ο κ. ΧΑΡΡΙΜΑΝ ΣΥΝΩΜΙΛΗΣΕΝ ΕΙΣ ΤΗΝ ΒΟΝΝΗΝ ΜΕ ΤΟΝ ΔΡ ΑΝΤΕΝΑΟΥΕΡ
ΒΟΝΝΗ, 2 (Ἀσ. Πρές).— Ὁ πρώην κυβερνήτης τῆς πολιτείας τῆς Νέας Ὑόρκης κ. Χάρριμαν συνωμίλησε σήμερον μετὰ τοῦ καγκελαρίου Ἀντενάουερ.
ΔΕΝ ΘΑ ΕΙΝΑΙ ΑΝΟΙΚΤΑ ΣΗΜΕΡΟΝ ΚΑΙ ΑΥΡΙΟΝ ΤΑ ΑΜΕΡΙΚΑΝΙΚΑ ΓΡΑΦΕΙΑ
ΑΘΗΝΑΙ, 2.— Ἀνακοινοῦται ὅτι τὰ γραφεῖα τῆς ἀμερικανικῆς πρεσβείας θὰ παραμείνουν κλειστὰ σήμερον καὶ αὔριον ἐπὶ τῇ ἐθνικῇ ἑορτῇ.
Ο ΣΤΡΑΤΗΓΟΣ ΝΤΕ ΓΚΩΛ ΕΜΕΤΡΙΑΣΕΝ ΕΙΣ ΙΣΟΒΙΑ ΤΗΝ ΠΟΙΝΗΝ ΤΟΥ ΘΑΝΑΤΟΥ ΔΥΟ ΑΛΓΕΡΙΝΩΝ ΔΙΑ ΤΗΝ ΑΠΟΠΕΙΡΑΝ ΕΝΑΝΤΙΟΝ ΤΟΥ ΣΟΥΣΤΕΛ
ΑΓΩΓΗ ΔΗΜΟΣΙΟΓΡΑΦΟΥ ΚΑΤΑ ΤΟΥ ΚΑΡ ΓΚΡΑΝΤ ΖΗΤΕΙ 500.000 ΔΟΛΛΑΡΙΩΝ
ΧΟΛΛΥΓΟΥΝΤ, 2 (Ἀσ. Πρές).— Δημοσιογράφος ὑπέβαλεν ἀγωγὴν κατὰ τοῦ ἠθοποιοῦ Κάρυ Γκράντ ζητῶν ἀποζημίωσιν 500.000 δολλαρίων.
ΠΑΡΙΣΙΟΙ, 2 (Ἀσ. Πρές).— Ἡ γαλλικὴ κυβέρνησις ἀνεκοίνωσεν ὅτι ὁ στρατηγὸς ντὲ Γκὼλ ἐμετρίασε τὴν ποινήν.
ΔΙΑΜΑΡΤΥΡΙΑ ΤΟΥ ΑΜΠΑΣ
ΚΑ·Ι·ΡΟΝ, 2 (Ἀσ. Πρές).— Ὁ πρόεδρος τῆς ΗΑΔ ἐξέφρασε τὴν διαμαρτυρίαν του.
ΑΠΗΓΟΡΕΥΘΗΣΑΝ ΕΙΣ ΙΤΑΛΙΑΝ ΜΗΧΑΝΙΚΑ ΤΥΧΗΡΑ ΠΑΙΓΝΙΔΙΑ
ΡΩΜΗ, 2 (Ἀνσα).— Ἡ ἰταλικὴ κυβέρνησις ἀπηγόρευσε τὰ μηχανικὰ τυχηρὰ παιγνίδια εἰς ὅλην τὴν χώραν.
ΑΠΑΓΩΓΗ ΠΑΙΔΙΟΥ
ΑΛΓΕΡΙΟΝ, 2 (Ἀσ. Πρές).— Ἄγνωστοι ἀπήγαγον παιδίον ἐκ τῆς οἰκίας του.
Ο ΚΑΝΑΔΑΣ ΑΓΟΡΑΖΕΙ ΕΞ ΑΜΕΡΙΚΗΣ ΑΕΡΟΠΛΑΝΑ ΔΙΑ ΝΑ ΕΝΙΣΧΥΣΗ ΤΑΣ ΕΝ ΕΥΡΩΠΗ ΔΥΝΑΜΕΙΣ ΤΟΥ
ΟΤΤΑΒΑ, 2 (Ἀσ. Πρές).— Ἡ καναδικὴ κυβέρνησις ἀπεφάσισε τὴν ἀγορὰν ἀμερικανικῶν ἀεροπλάνων διὰ τὴν ἐνίσχυσιν τῶν δυνάμεών της.
ΟΤΤΑΒΑ, 2 (Ἀσ. Πρές).— Ἡ καναδικὴ κυβέρνησις ἀπεφάσισε τὴν ἀγορὰν ἀμερικανικῶν ἀεροπλάνων διὰ τὴν ἐνίσχυσιν τῶν δυνάμεών της.
155 ΟΙ ΝΕΚΡΟΙ ΕΚ ΤΩΝ ΠΛΗΜΜΥΡΩΝ ΕΙΣ ΚΟΛΟΜΒΙΑΝ
ΜΠΟΓΚΟΤΑ, Κολομβία, 2 (Ἀσ. Πρές).— Κατὰ τὰς τελευταίας ἐκτιμήσεις 155 ἄτομα ἐφονεύθησαν ἐκ τῶν πλημμυρῶν.
ΑΝΑΜΕΝΕΤΑΙ ΠΑΡΑΙΤΗΣΙΣ ΤΟΥ ΜΠΕΝ ΓΚΟΥΡΙΟΝ
ΤΕΛ ΑΒΙΒ, 2 (Ἀσ. Πρές).— Ἀναμένεται ἡ παραίτησις τοῦ πρωθυπουργοῦ Μπὲν Γκουριόν.
Η ΜΕΓΑΛΗ ΑΠΕΡΓΙΑ ΤΩΝ ΙΤΑΛΩΝ ΝΑΥΤΙΚΩΝ ΗΠΕΙΛΗΣΕΝ ΕΠΕΙΣΟΔΙΑ ΕΙΣ ΤΑΣ ΔΥΟ ΒΟΥΛΑΣ
ΟΙ κ. Κ. ΓΚΕΝΤΣΚΕΛ ΚΑΙ ΜΠΕΒΑΝ ΕΙΣ ΤΗΝ ΜΟΣΧΑΝ
ΛΟΝΔΙΝΟΝ, 2 (Ἀσ. Πρές).— Οἱ ἡγέται τοῦ Ἐργατικοῦ Κόμματος θὰ ἐπισκεφθοῦν τὴν Μόσχαν.
ΡΩΜΗ, 2 (Ἀσ. Πρές).— Ἡ ἀπεργία τῶν ναυτικῶν συνεχίζεται.
ΡΩΜΗ, 2 (Ἀσ. Πρές).— Ἡ ἀπεργία τῶν ναυτικῶν συνεχίζεται.
ΑΙ ΦΥΛΑΚΑΙ ΤΟΥ ΚΡΑΤΟΥΣ ΚΑΤΑΝΕΜΟΝΤΑΙ ΕΙΣ ΕΠΤΑ ΣΩΦΡΟΝΙΣΤΙΚΑΣ ΠΕΡΙΦΕΡΕΙΑΣ
ΑΘΗΝΑΙ, 2.— Ὁ ὑπουργὸς Δικαιοσύνης ὑπέγραψε διάταγμα διὰ τοῦ ὁποίου αἱ φυλακαὶ τοῦ κράτους κατανέμονται εἰς ἑπτὰ σωφρονιστικὰς περιφερείας. Ἡ πρώτη περιλαμβάνει τὰς φυλακὰς Ἀθηνῶν, ἡ δευτέρα Πελοποννήσου, ἡ τρίτη Θεσσαλίας, ἡ τετάρτη Μακεδονίας, ἡ πέμπτη Θράκης, ἡ ἕκτη Ἠπείρου καὶ ἡ ἑβδόμη Κρήτης.
ΑΘΗΝΑΙ, 2.— Ὁ ὑπουργὸς Δικαιοσύνης ὑπέγραψε διάταγμα διὰ τοῦ ὁποίου αἱ φυλακαὶ τοῦ κράτους κατανέμονται εἰς ἑπτὰ σωφρονιστικὰς περιφερείας. Ἡ πρώτη περιλαμβάνει τὰς φυλακὰς Ἀθηνῶν, ἡ δευτέρα Πελοποννήσου, ἡ τρίτη Θεσσαλίας, ἡ τετάρτη Μακεδονίας, ἡ πέμπτη Θράκης, ἡ ἕκτη Ἠπείρου καὶ ἡ ἑβδόμη Κρήτης.
ΑΓ. ΝΙΚΟΛΑΟΣ, Χαλκιδικῆς, 2.—
